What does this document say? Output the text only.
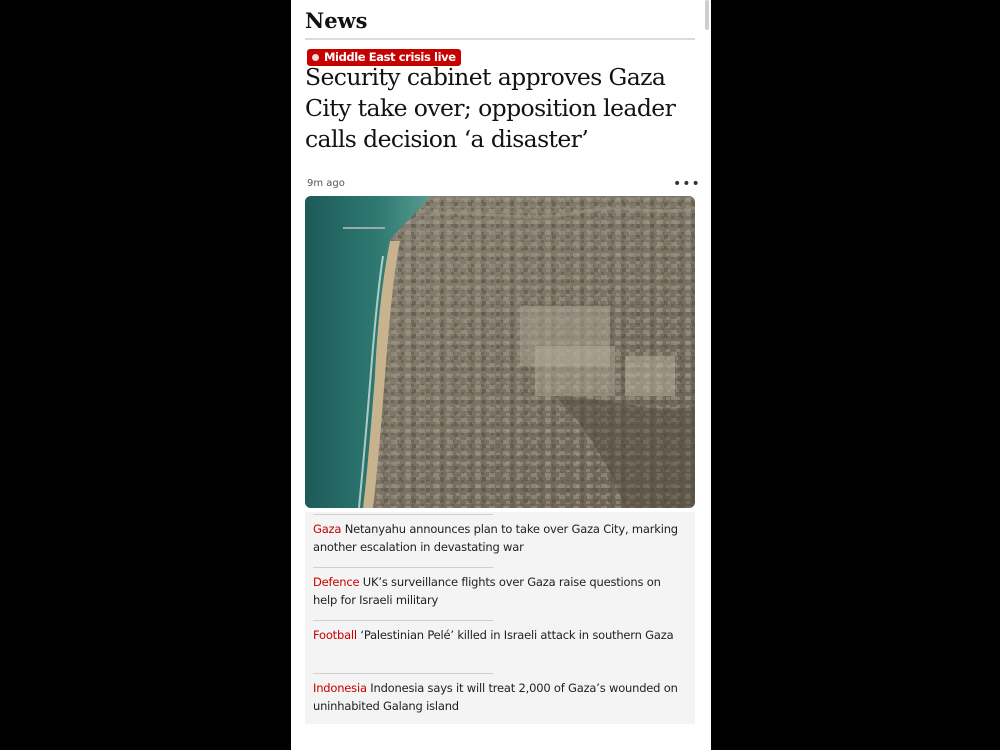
News
Middle East crisis live
Security cabinet approves Gaza City take over; opposition leader calls decision ‘a disaster’
9m ago	•••
Gaza Netanyahu announces plan to take over Gaza City, marking another escalation in devastating war
Defence UK’s surveillance flights over Gaza raise questions on help for Israeli military
Football ‘Palestinian Pelé’ killed in Israeli attack in southern Gaza
Indonesia Indonesia says it will treat 2,000 of Gaza’s wounded on uninhabited Galang island
